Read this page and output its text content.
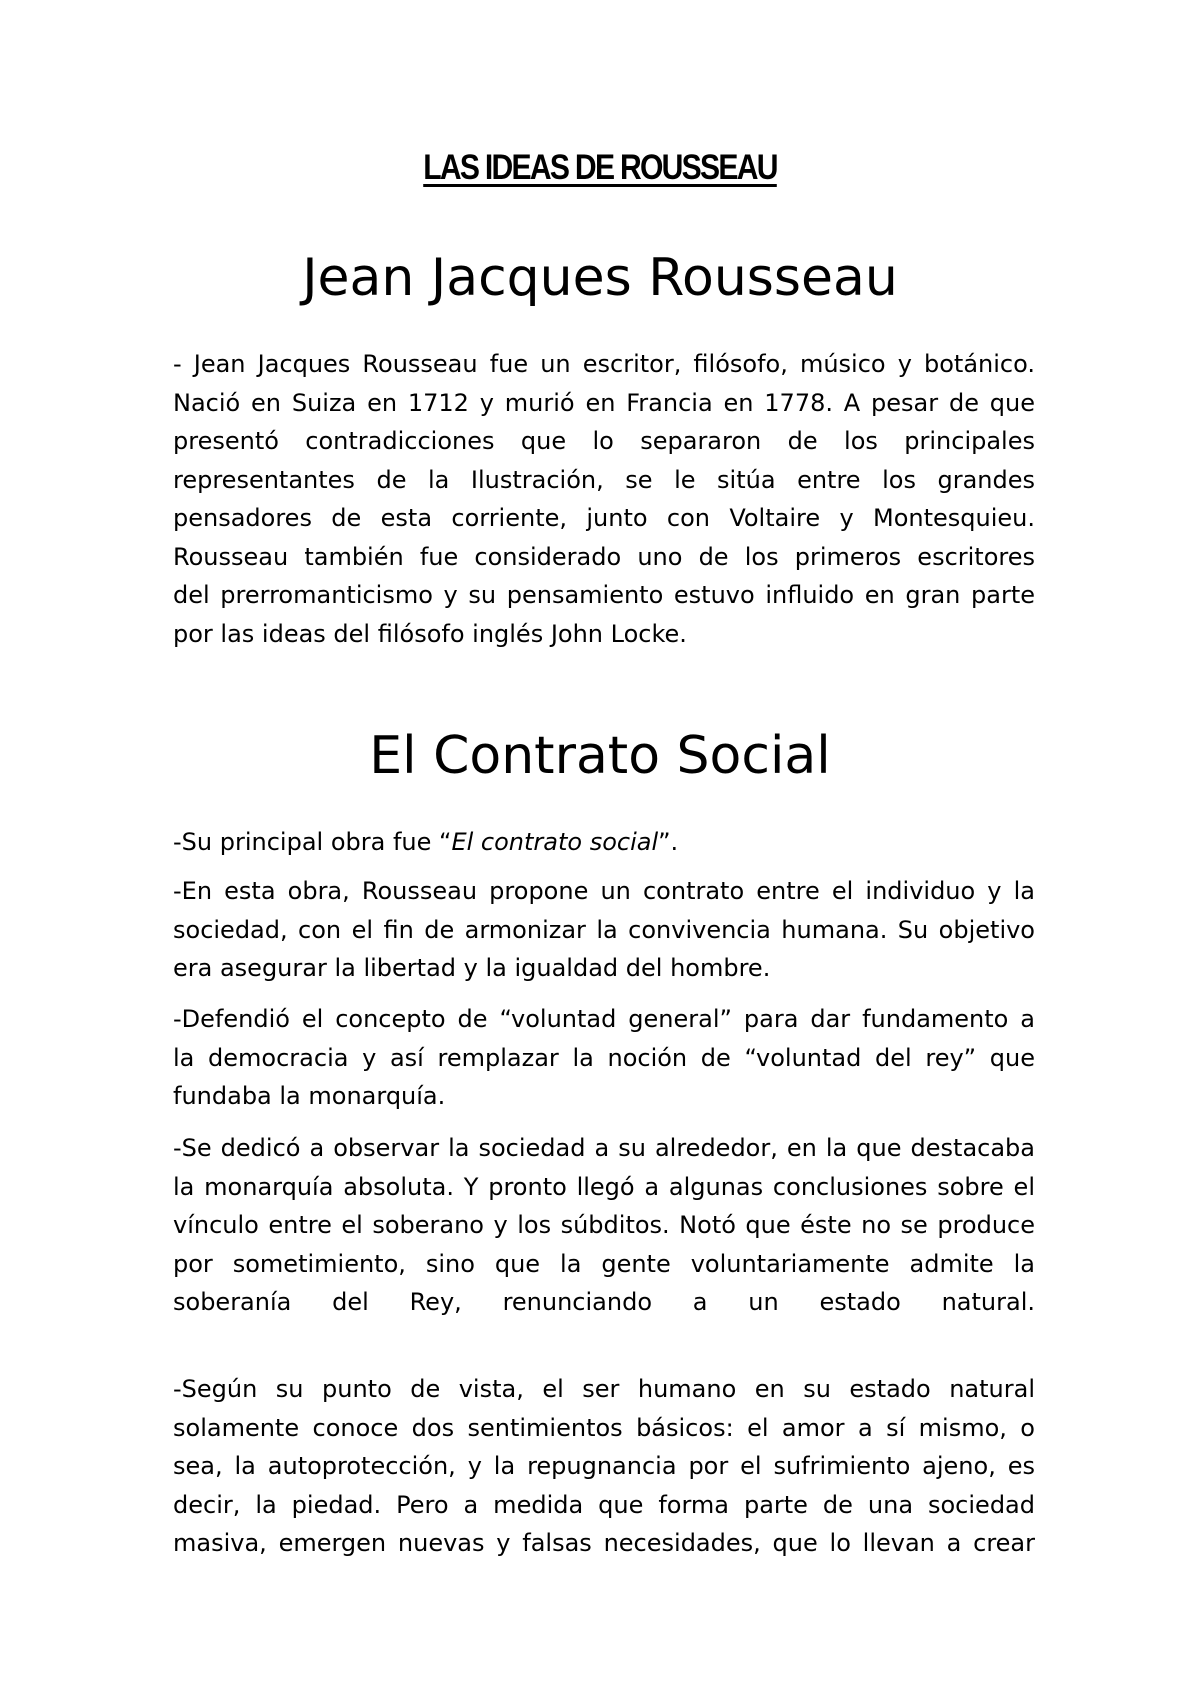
LAS IDEAS DE ROUSSEAU
Jean Jacques Rousseau
- Jean Jacques Rousseau fue un escritor, filósofo, músico y botánico.
Nació en Suiza en 1712 y murió en Francia en 1778. A pesar de que
presentó contradicciones que lo separaron de los principales
representantes de la Ilustración, se le sitúa entre los grandes
pensadores de esta corriente, junto con Voltaire y Montesquieu.
Rousseau también fue considerado uno de los primeros escritores
del prerromanticismo y su pensamiento estuvo influido en gran parte
por las ideas del filósofo inglés John Locke.
El Contrato Social
-Su principal obra fue “El contrato social”.
-En esta obra, Rousseau propone un contrato entre el individuo y la
sociedad, con el fin de armonizar la convivencia humana. Su objetivo
era asegurar la libertad y la igualdad del hombre.
-Defendió el concepto de “voluntad general” para dar fundamento a
la democracia y así remplazar la noción de “voluntad del rey” que
fundaba la monarquía.
-Se dedicó a observar la sociedad a su alrededor, en la que destacaba
la monarquía absoluta. Y pronto llegó a algunas conclusiones sobre el
vínculo entre el soberano y los súbditos. Notó que éste no se produce
por sometimiento, sino que la gente voluntariamente admite la
soberanía del Rey, renunciando a un estado natural.
-Según su punto de vista, el ser humano en su estado natural
solamente conoce dos sentimientos básicos: el amor a sí mismo, o
sea, la autoprotección, y la repugnancia por el sufrimiento ajeno, es
decir, la piedad. Pero a medida que forma parte de una sociedad
masiva, emergen nuevas y falsas necesidades, que lo llevan a crear
